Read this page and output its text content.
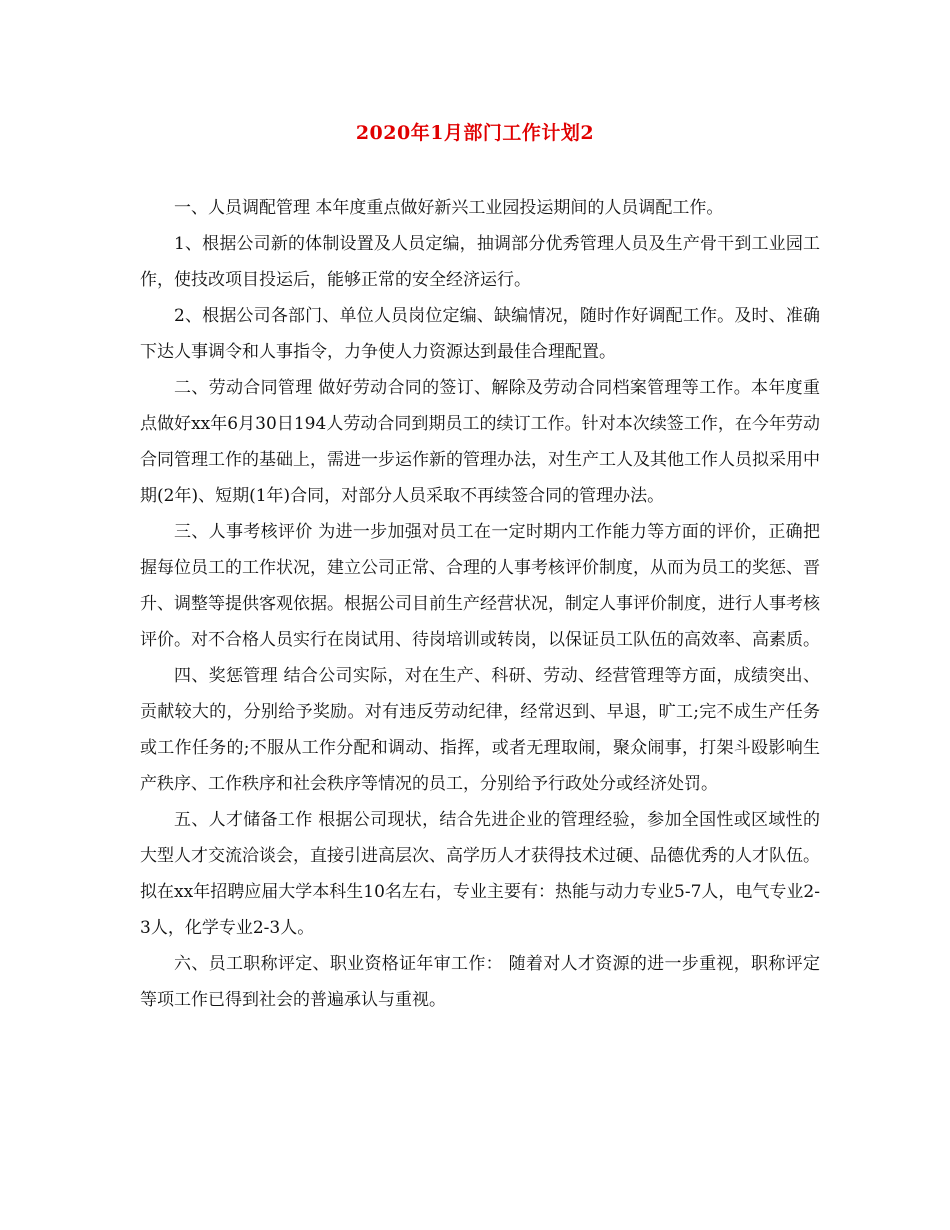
2020年1月部门工作计划2

一、人员调配管理 本年度重点做好新兴工业园投运期间的人员调配工作。

1、根据公司新的体制设置及人员定编，抽调部分优秀管理人员及生产骨干到工业园工作，使技改项目投运后，能够正常的安全经济运行。

2、根据公司各部门、单位人员岗位定编、缺编情况，随时作好调配工作。及时、准确下达人事调令和人事指令，力争使人力资源达到最佳合理配置。

二、劳动合同管理 做好劳动合同的签订、解除及劳动合同档案管理等工作。本年度重点做好xx年6月30日194人劳动合同到期员工的续订工作。针对本次续签工作，在今年劳动合同管理工作的基础上，需进一步运作新的管理办法，对生产工人及其他工作人员拟采用中期(2年)、短期(1年)合同，对部分人员采取不再续签合同的管理办法。

三、人事考核评价 为进一步加强对员工在一定时期内工作能力等方面的评价，正确把握每位员工的工作状况，建立公司正常、合理的人事考核评价制度，从而为员工的奖惩、晋升、调整等提供客观依据。根据公司目前生产经营状况，制定人事评价制度，进行人事考核评价。对不合格人员实行在岗试用、待岗培训或转岗，以保证员工队伍的高效率、高素质。

四、奖惩管理 结合公司实际，对在生产、科研、劳动、经营管理等方面，成绩突出、贡献较大的，分别给予奖励。对有违反劳动纪律，经常迟到、早退，旷工;完不成生产任务或工作任务的;不服从工作分配和调动、指挥，或者无理取闹，聚众闹事，打架斗殴影响生产秩序、工作秩序和社会秩序等情况的员工，分别给予行政处分或经济处罚。

五、人才储备工作 根据公司现状，结合先进企业的管理经验，参加全国性或区域性的大型人才交流洽谈会，直接引进高层次、高学历人才获得技术过硬、品德优秀的人才队伍。拟在xx年招聘应届大学本科生10名左右，专业主要有：热能与动力专业5-7人，电气专业2-3人，化学专业2-3人。

六、员工职称评定、职业资格证年审工作： 随着对人才资源的进一步重视，职称评定等项工作已得到社会的普遍承认与重视。
